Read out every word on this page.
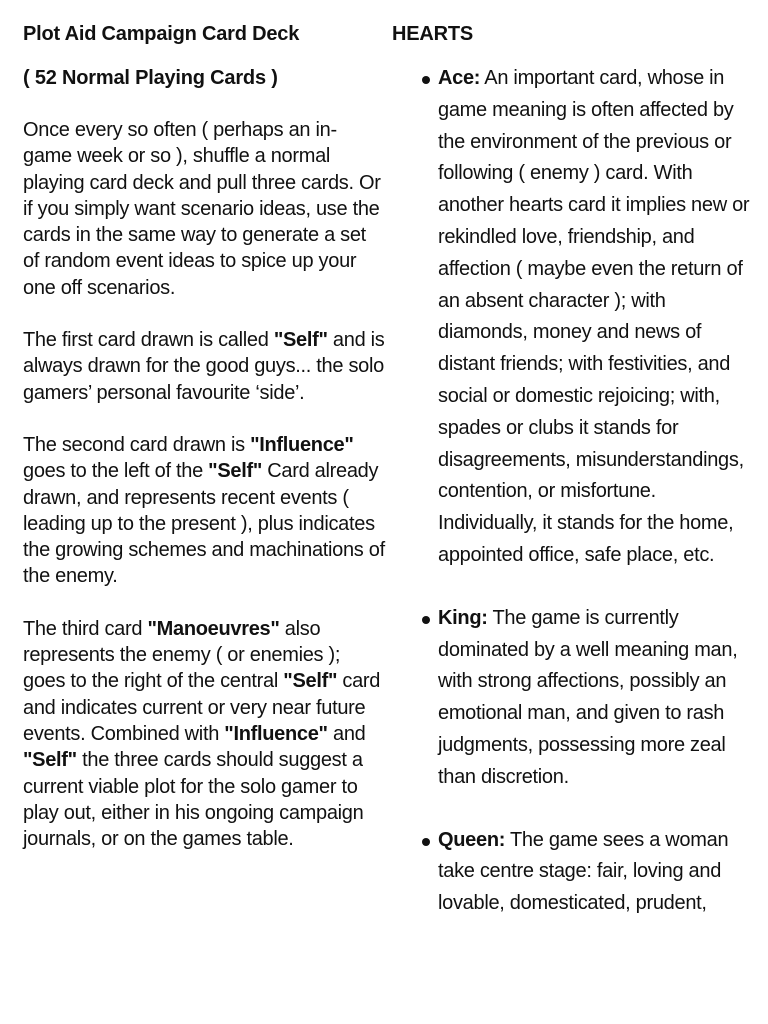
Plot Aid Campaign Card Deck
( 52 Normal Playing Cards )

Once every so often ( perhaps an in-game week or so ), shuffle a normal playing card deck and pull three cards. Or if you simply want scenario ideas, use the cards in the same way to generate a set of random event ideas to spice up your one off scenarios.

The first card drawn is called "Self" and is always drawn for the good guys... the solo gamers’ personal favourite ‘side’.

The second card drawn is "Influence" goes to the left of the "Self" Card already drawn, and represents recent events ( leading up to the present ), plus indicates the growing schemes and machinations of the enemy.

The third card "Manoeuvres" also represents the enemy ( or enemies ); goes to the right of the central "Self" card and indicates current or very near future events. Combined with "Influence" and "Self" the three cards should suggest a current viable plot for the solo gamer to play out, either in his ongoing campaign journals, or on the games table.

HEARTS
Ace: An important card, whose in game meaning is often affected by the environment of the previous or following ( enemy ) card. With another hearts card it implies new or rekindled love, friendship, and affection ( maybe even the return of an absent character ); with diamonds, money and news of distant friends; with festivities, and social or domestic rejoicing; with, spades or clubs it stands for disagreements, misunderstandings, contention, or misfortune. Individually, it stands for the home, appointed office, safe place, etc.
King: The game is currently dominated by a well meaning man, with strong affections, possibly an emotional man, and given to rash judgments, possessing more zeal than discretion.
Queen: The game sees a woman take centre stage: fair, loving and lovable, domesticated, prudent,
